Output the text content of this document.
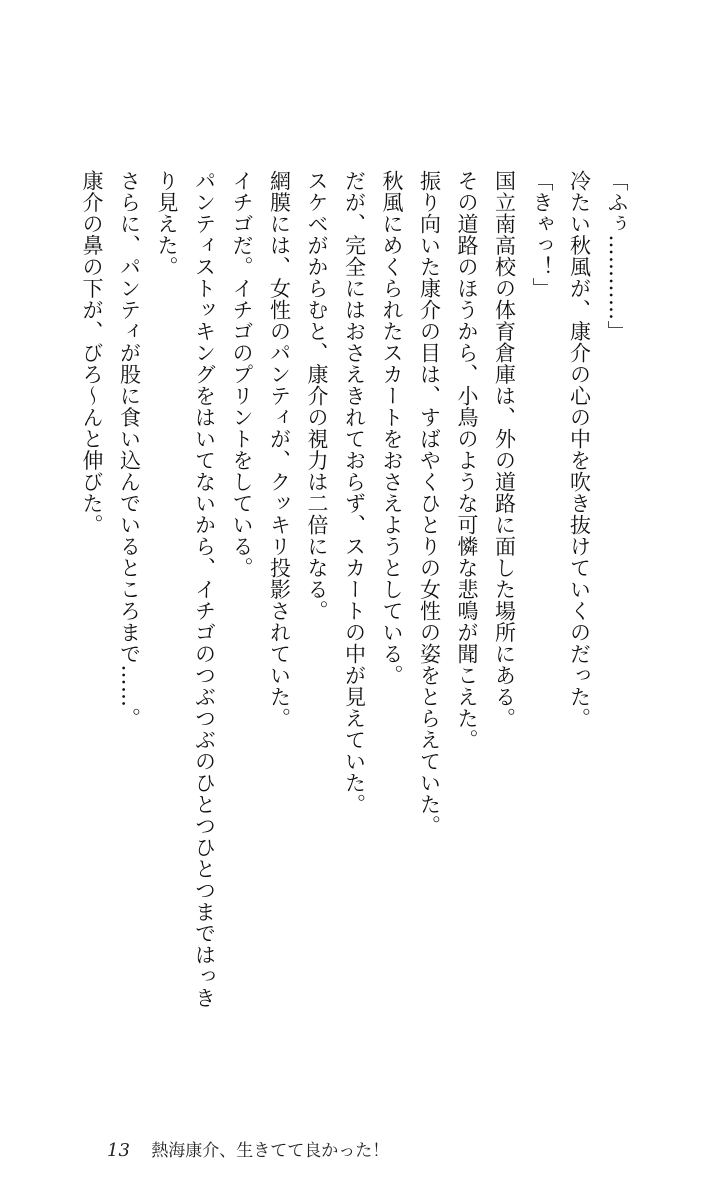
「ふぅ…………」
冷たい秋風が、康介の心の中を吹き抜けていくのだった。
「きゃっ！」
国立南高校の体育倉庫は、外の道路に面した場所にある。
その道路のほうから、小鳥のような可憐な悲鳴が聞こえた。
振り向いた康介の目は、すばやくひとりの女性の姿をとらえていた。
秋風にめくられたスカートをおさえようとしている。
だが、完全にはおさえきれておらず、スカートの中が見えていた。
スケベがからむと、康介の視力は二倍になる。
網膜には、女性のパンティが、クッキリ投影されていた。
イチゴだ。イチゴのプリントをしている。
パンティストッキングをはいてないから、イチゴのつぶつぶのひとつひとつまではっき
り見えた。
さらに、パンティが股に食い込んでいるところまで……。
康介の鼻の下が、びろ～んと伸びた。
13 熱海康介、生きてて良かった！
